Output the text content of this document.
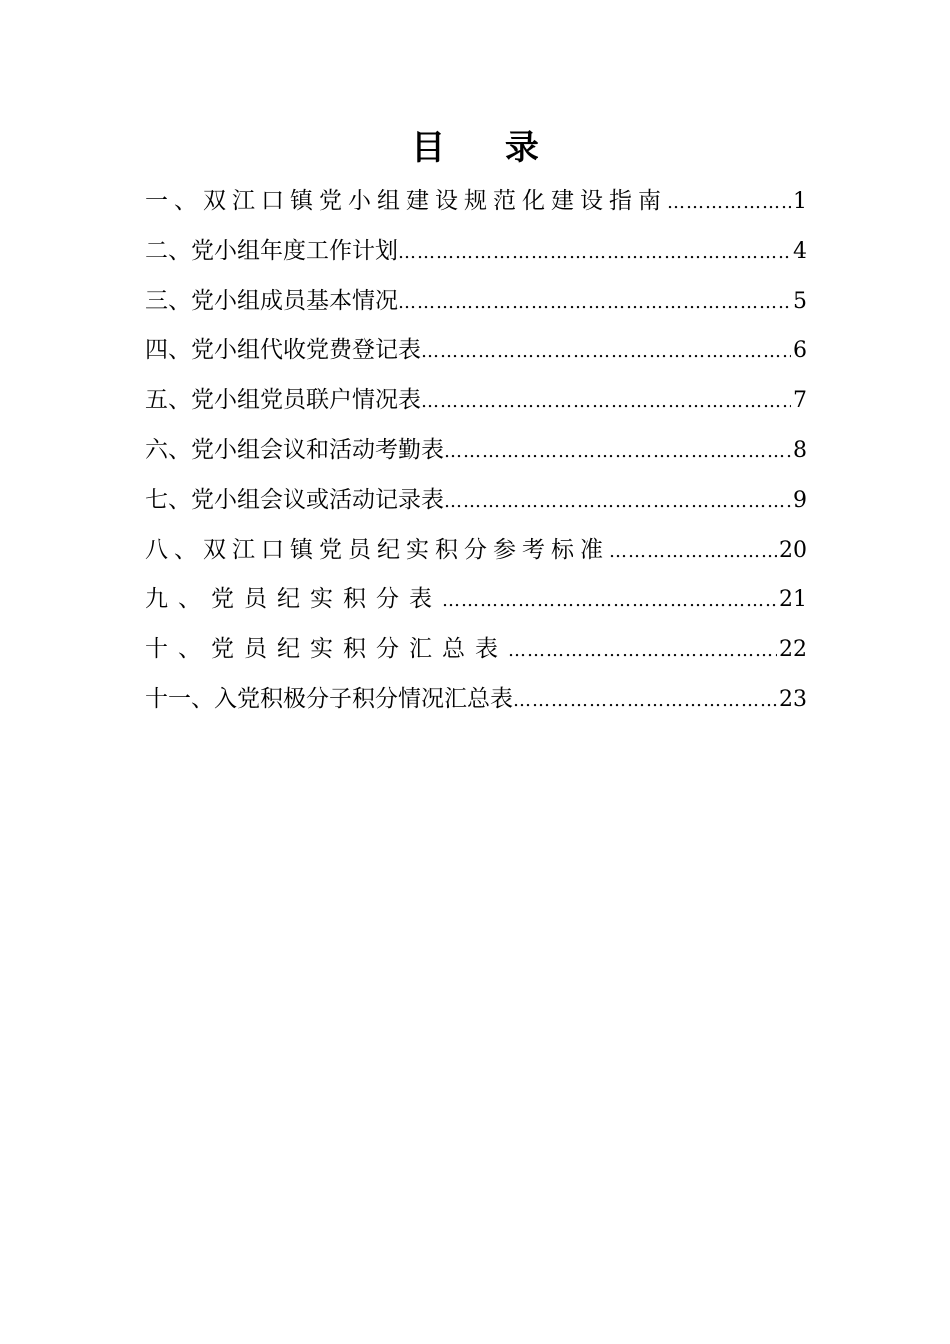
目 录
一、双江口镇党小组建设规范化建设指南 …………………………………………………………………………………………………………………………………………	1
二、党小组年度工作计划 …………………………………………………………………………………………………………………………………………	4
三、党小组成员基本情况 …………………………………………………………………………………………………………………………………………	5
四、党小组代收党费登记表 …………………………………………………………………………………………………………………………………………	6
五、党小组党员联户情况表 …………………………………………………………………………………………………………………………………………	7
六、党小组会议和活动考勤表 …………………………………………………………………………………………………………………………………………	8
七、党小组会议或活动记录表 …………………………………………………………………………………………………………………………………………	9
八、双江口镇党员纪实积分参考标准 …………………………………………………………………………………………………………………………………………	20
九、党员纪实积分表 …………………………………………………………………………………………………………………………………………	21
十、党员纪实积分汇总表 …………………………………………………………………………………………………………………………………………	22
十一、入党积极分子积分情况汇总表 …………………………………………………………………………………………………………………………………………	23
